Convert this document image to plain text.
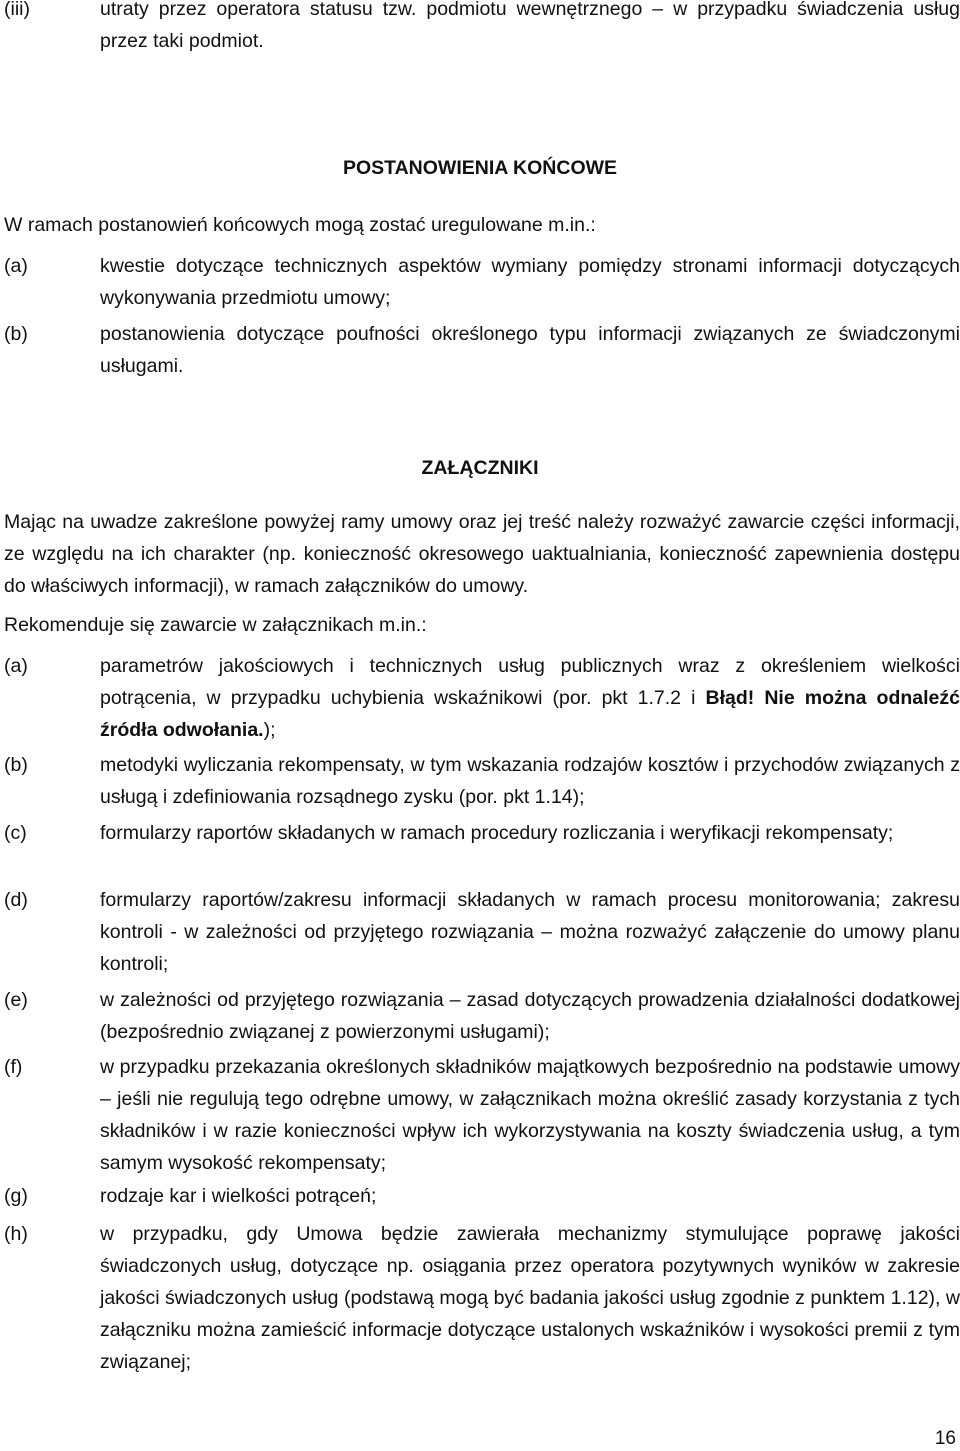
(iii)	utraty przez operatora statusu tzw. podmiotu wewnętrznego – w przypadku świadczenia usług przez taki podmiot.
POSTANOWIENIA KOŃCOWE
W ramach postanowień końcowych mogą zostać uregulowane m.in.:
(a)	kwestie dotyczące technicznych aspektów wymiany pomiędzy stronami informacji dotyczących wykonywania przedmiotu umowy;
(b)	postanowienia dotyczące poufności określonego typu informacji związanych ze świadczonymi usługami.
ZAŁĄCZNIKI
Mając na uwadze zakreślone powyżej ramy umowy oraz jej treść należy rozważyć zawarcie części informacji, ze względu na ich charakter (np. konieczność okresowego uaktualniania, konieczność zapewnienia dostępu do właściwych informacji), w ramach załączników do umowy.
Rekomenduje się zawarcie w załącznikach m.in.:
(a)	parametrów jakościowych i technicznych usług publicznych wraz z określeniem wielkości potrącenia, w przypadku uchybienia wskaźnikowi (por. pkt 1.7.2 i Błąd! Nie można odnaleźć źródła odwołania.);
(b)	metodyki wyliczania rekompensaty, w tym wskazania rodzajów kosztów i przychodów związanych z usługą i zdefiniowania rozsądnego zysku (por. pkt 1.14);
(c)	formularzy raportów składanych w ramach procedury rozliczania i weryfikacji rekompensaty;
(d)	formularzy raportów/zakresu informacji składanych w ramach procesu monitorowania; zakresu kontroli - w zależności od przyjętego rozwiązania – można rozważyć załączenie do umowy planu kontroli;
(e)	w zależności od przyjętego rozwiązania – zasad dotyczących prowadzenia działalności dodatkowej (bezpośrednio związanej z powierzonymi usługami);
(f)	w przypadku przekazania określonych składników majątkowych bezpośrednio na podstawie umowy – jeśli nie regulują tego odrębne umowy, w załącznikach można określić zasady korzystania z tych składników i w razie konieczności wpływ ich wykorzystywania na koszty świadczenia usług, a tym samym wysokość rekompensaty;
(g)	rodzaje kar i wielkości potrąceń;
(h)	w przypadku, gdy Umowa będzie zawierała mechanizmy stymulujące poprawę jakości świadczonych usług, dotyczące np. osiągania przez operatora pozytywnych wyników w zakresie jakości świadczonych usług (podstawą mogą być badania jakości usług zgodnie z punktem 1.12), w załączniku można zamieścić informacje dotyczące ustalonych wskaźników i wysokości premii z tym związanej;
16
